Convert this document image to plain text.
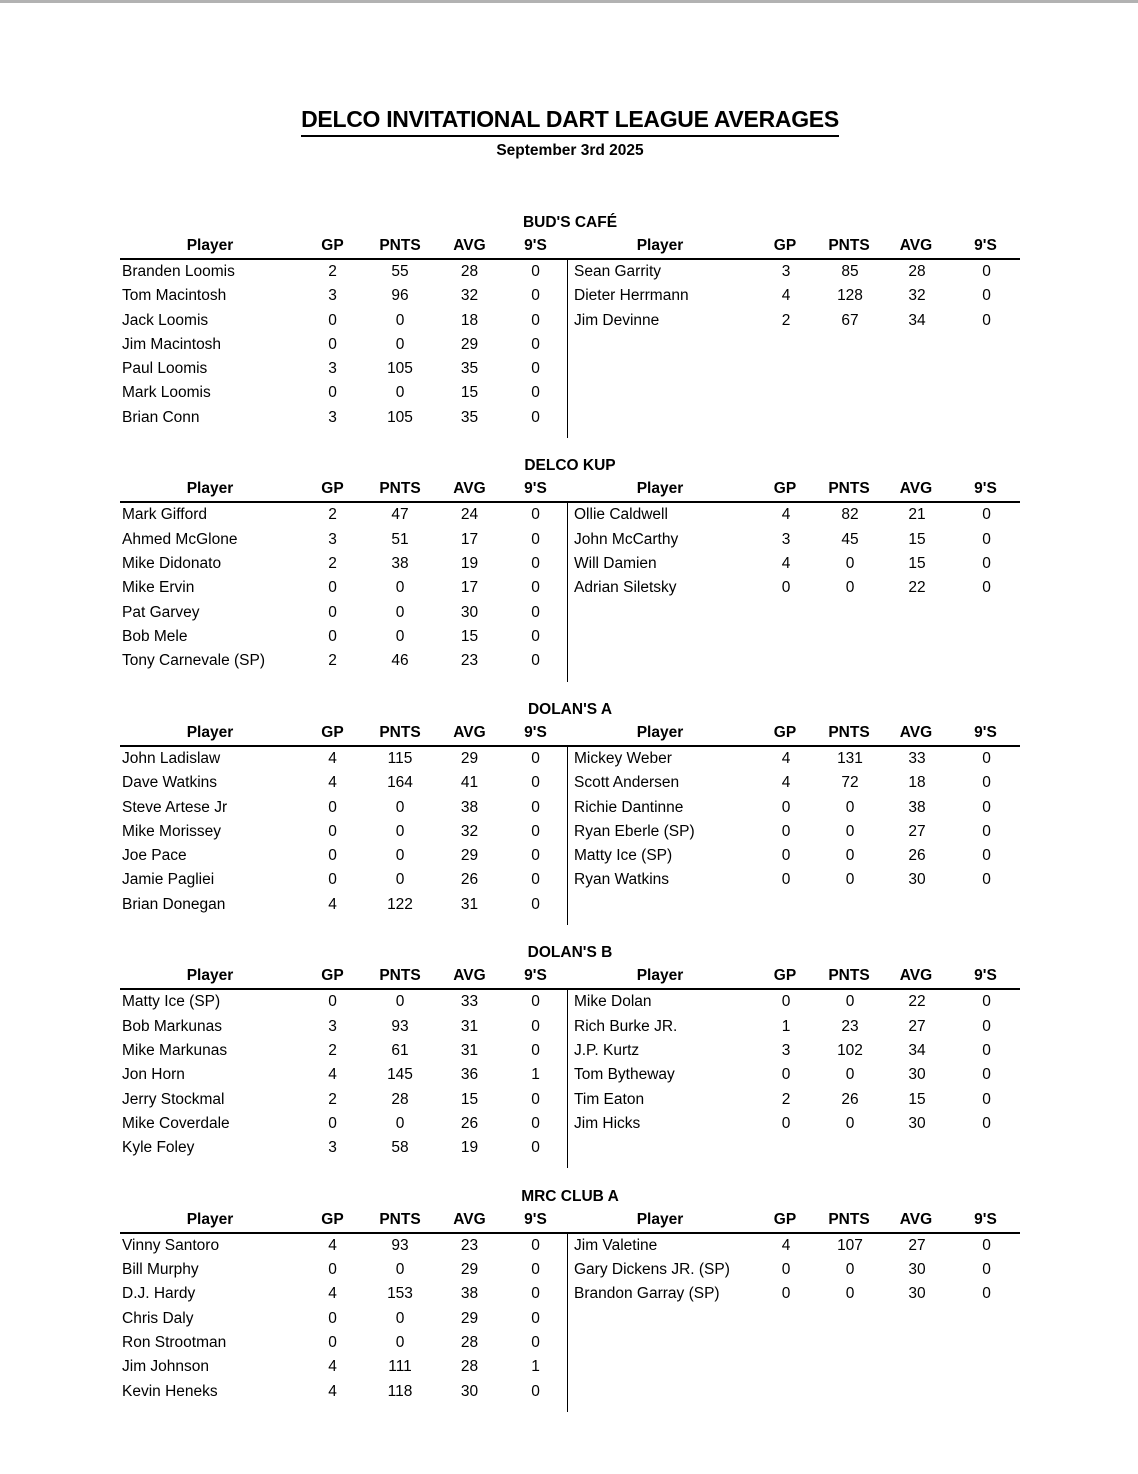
DELCO INVITATIONAL DART LEAGUE AVERAGES
September 3rd 2025
BUD'S CAFÉ
Player	GP	PNTS	AVG	9'S
Branden Loomis	2	55	28	0
Tom Macintosh	3	96	32	0
Jack Loomis	0	0	18	0
Jim Macintosh	0	0	29	0
Paul Loomis	3	105	35	0
Mark Loomis	0	0	15	0
Brian Conn	3	105	35	0
Player	GP	PNTS	AVG	9'S
Sean Garrity	3	85	28	0
Dieter Herrmann	4	128	32	0
Jim Devinne	2	67	34	0
DELCO KUP
Player	GP	PNTS	AVG	9'S
Mark Gifford	2	47	24	0
Ahmed McGlone	3	51	17	0
Mike Didonato	2	38	19	0
Mike Ervin	0	0	17	0
Pat Garvey	0	0	30	0
Bob Mele	0	0	15	0
Tony Carnevale (SP)	2	46	23	0
Player	GP	PNTS	AVG	9'S
Ollie Caldwell	4	82	21	0
John McCarthy	3	45	15	0
Will Damien	4	0	15	0
Adrian Siletsky	0	0	22	0
DOLAN'S A
Player	GP	PNTS	AVG	9'S
John Ladislaw	4	115	29	0
Dave Watkins	4	164	41	0
Steve Artese Jr	0	0	38	0
Mike Morissey	0	0	32	0
Joe Pace	0	0	29	0
Jamie Pagliei	0	0	26	0
Brian Donegan	4	122	31	0
Player	GP	PNTS	AVG	9'S
Mickey Weber	4	131	33	0
Scott Andersen	4	72	18	0
Richie Dantinne	0	0	38	0
Ryan Eberle (SP)	0	0	27	0
Matty Ice (SP)	0	0	26	0
Ryan Watkins	0	0	30	0
DOLAN'S B
Player	GP	PNTS	AVG	9'S
Matty Ice (SP)	0	0	33	0
Bob Markunas	3	93	31	0
Mike Markunas	2	61	31	0
Jon Horn	4	145	36	1
Jerry Stockmal	2	28	15	0
Mike Coverdale	0	0	26	0
Kyle Foley	3	58	19	0
Player	GP	PNTS	AVG	9'S
Mike Dolan	0	0	22	0
Rich Burke JR.	1	23	27	0
J.P. Kurtz	3	102	34	0
Tom Bytheway	0	0	30	0
Tim Eaton	2	26	15	0
Jim Hicks	0	0	30	0
MRC CLUB A
Player	GP	PNTS	AVG	9'S
Vinny Santoro	4	93	23	0
Bill Murphy	0	0	29	0
D.J. Hardy	4	153	38	0
Chris Daly	0	0	29	0
Ron Strootman	0	0	28	0
Jim Johnson	4	111	28	1
Kevin Heneks	4	118	30	0
Player	GP	PNTS	AVG	9'S
Jim Valetine	4	107	27	0
Gary Dickens JR. (SP)	0	0	30	0
Brandon Garray (SP)	0	0	30	0
